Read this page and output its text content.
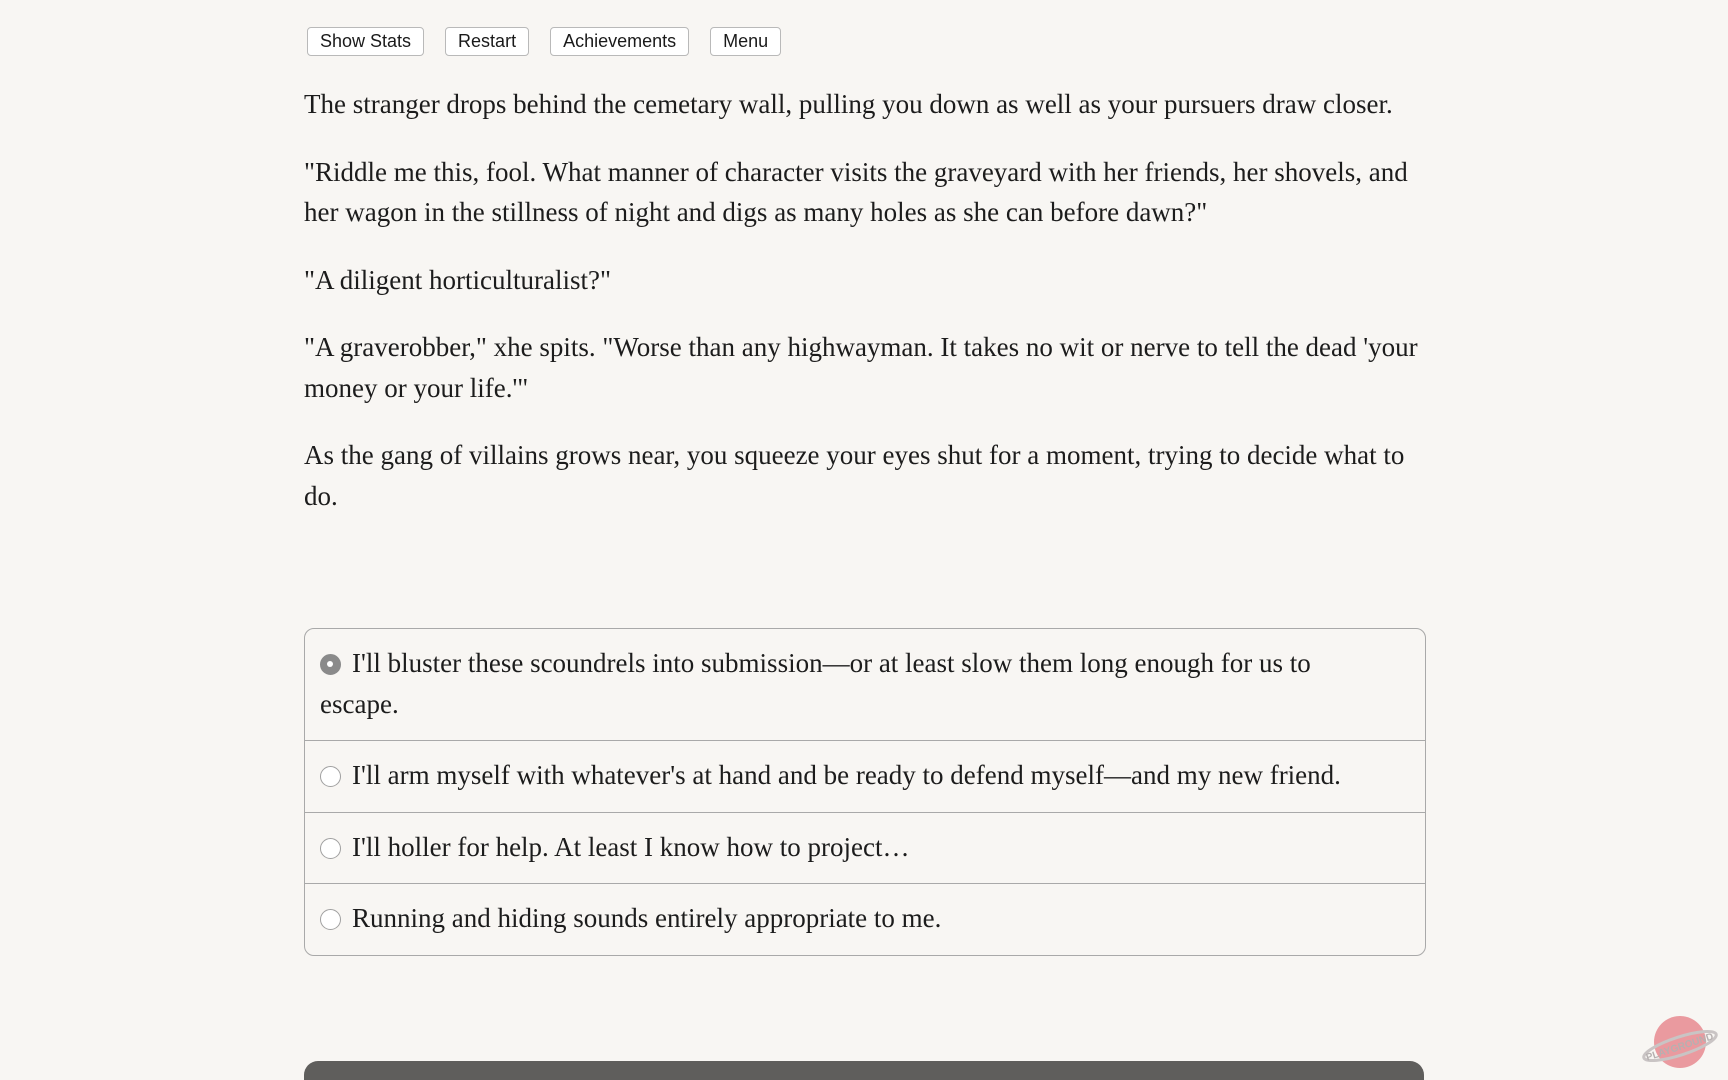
Show Stats	Restart	Achievements	Menu

The stranger drops behind the cemetary wall, pulling you down as well as your pursuers draw closer.

"Riddle me this, fool. What manner of character visits the graveyard with her friends, her shovels, and her wagon in the stillness of night and digs as many holes as she can before dawn?"

"A diligent horticulturalist?"

"A graverobber," xhe spits. "Worse than any highwayman. It takes no wit or nerve to tell the dead 'your money or your life.'"

As the gang of villains grows near, you squeeze your eyes shut for a moment, trying to decide what to do.

I'll bluster these scoundrels into submission—or at least slow them long enough for us to escape.
I'll arm myself with whatever's at hand and be ready to defend myself—and my new friend.
I'll holler for help. At least I know how to project…
Running and hiding sounds entirely appropriate to me.
PLAYGROUND
